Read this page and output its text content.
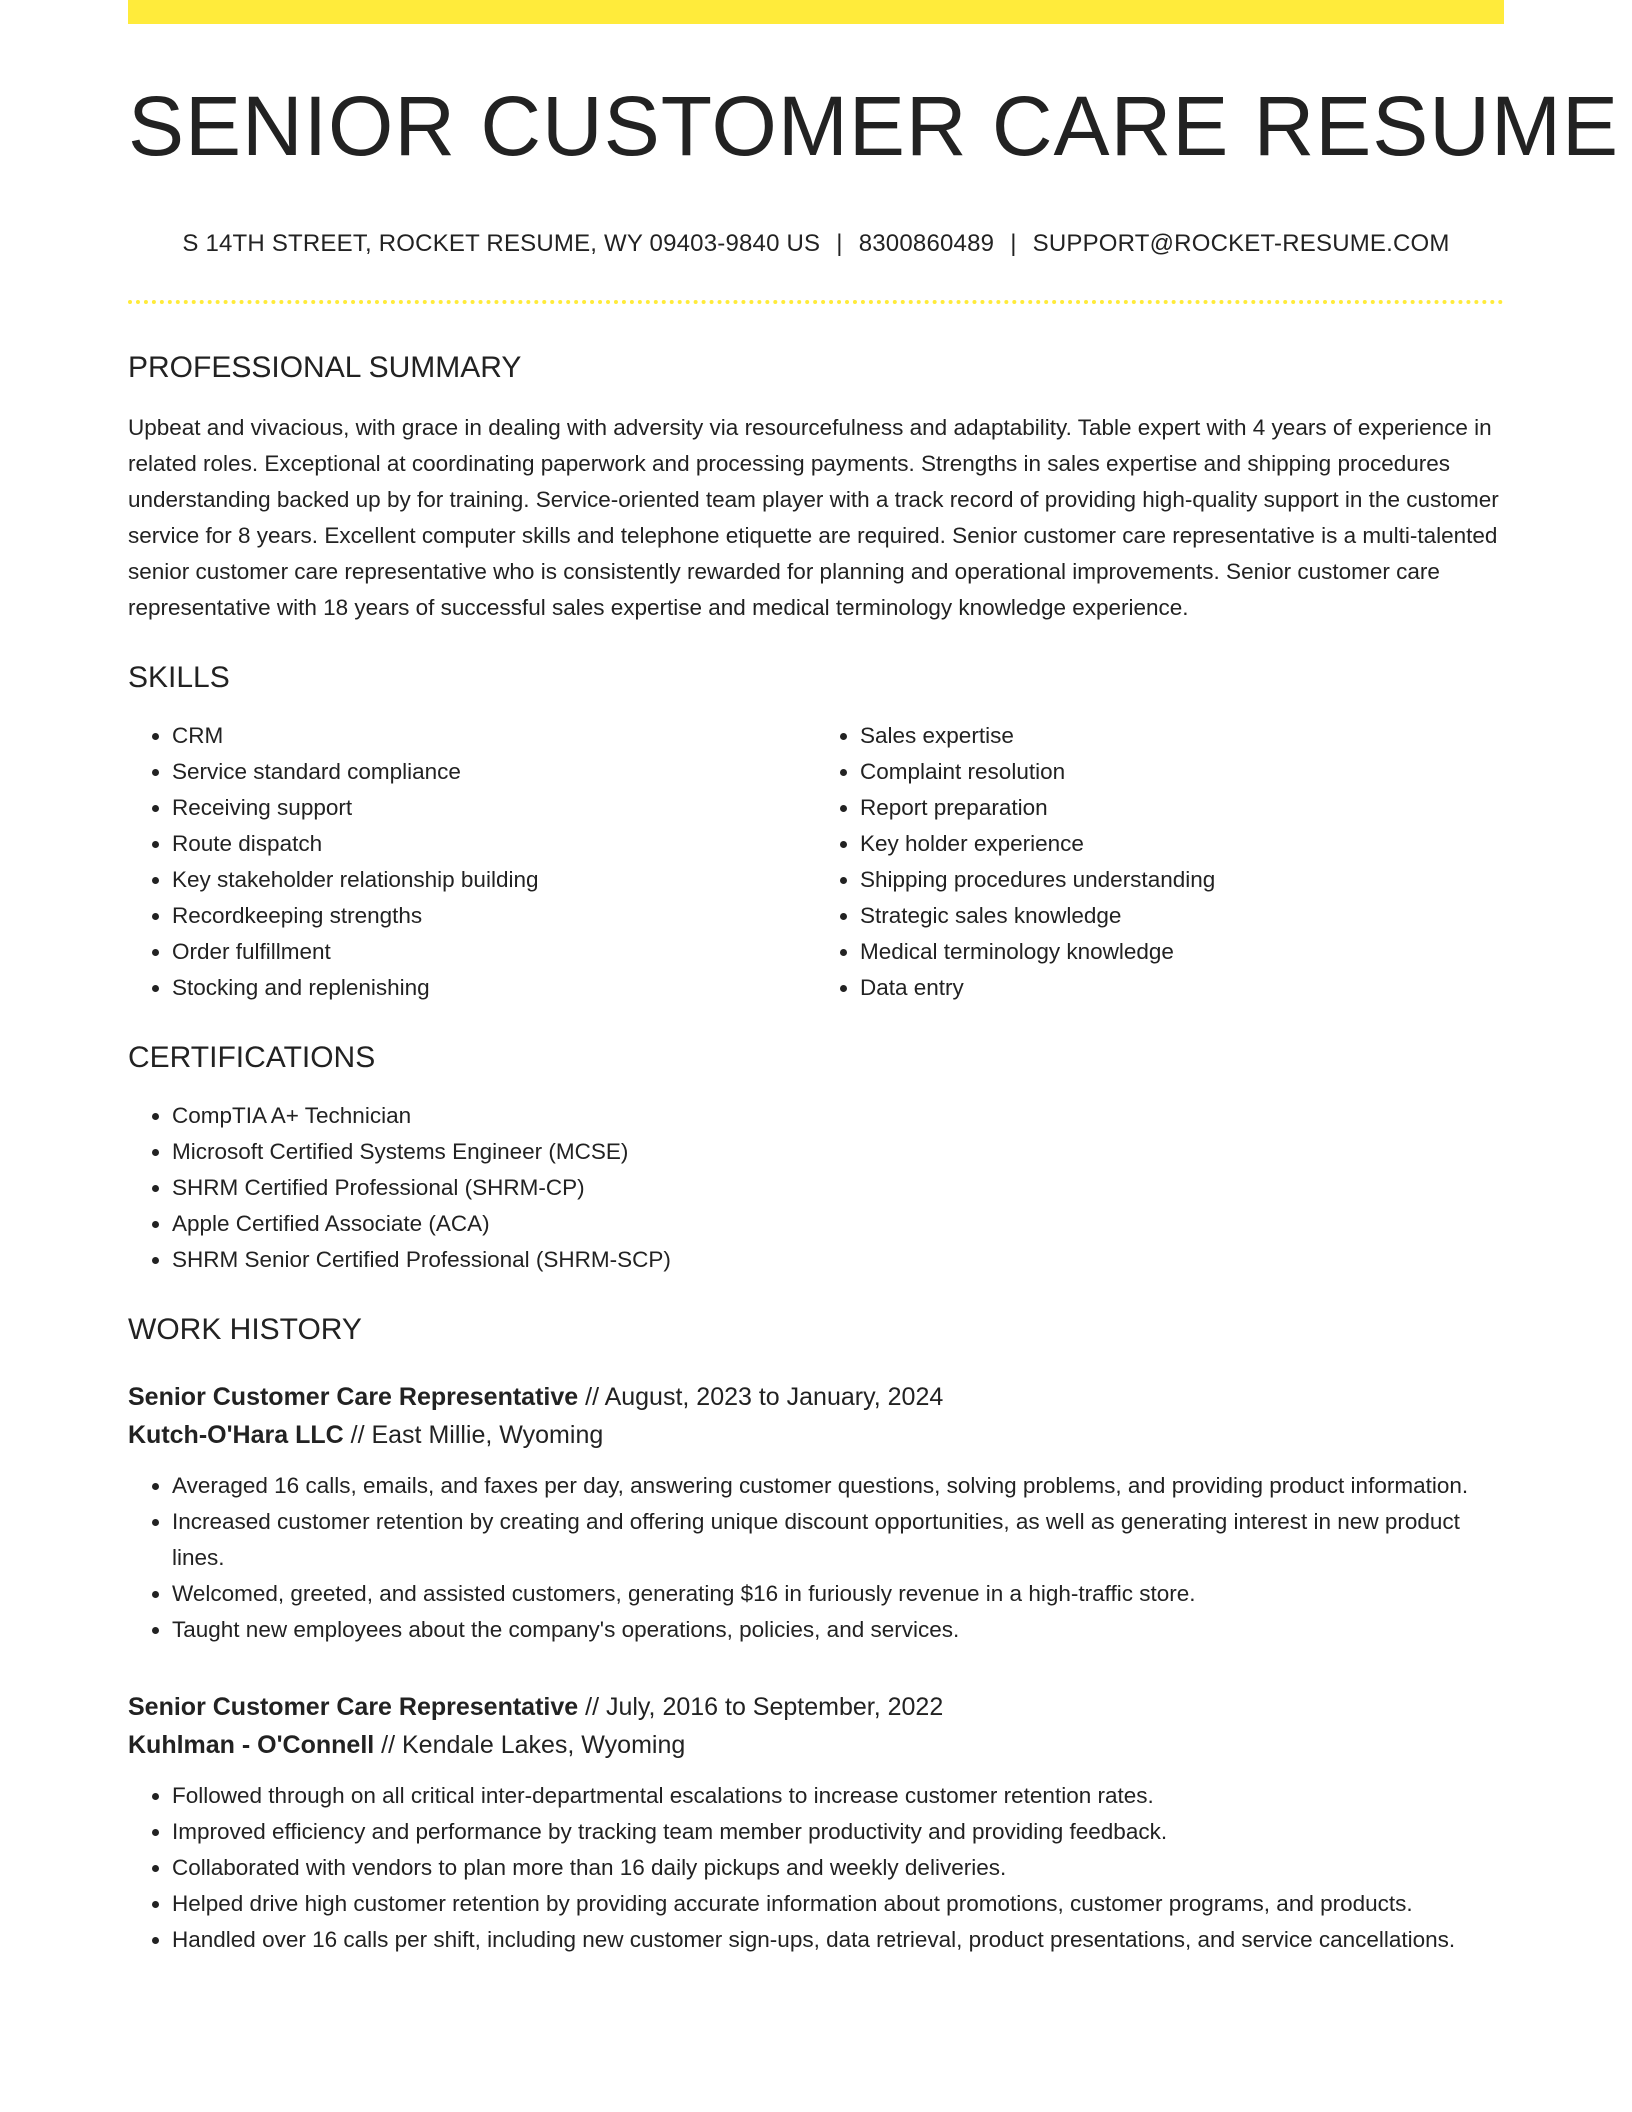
SENIOR CUSTOMER CARE RESUME
S 14TH STREET, ROCKET RESUME, WY 09403-9840 US | 8300860489 | SUPPORT@ROCKET-RESUME.COM
PROFESSIONAL SUMMARY

Upbeat and vivacious, with grace in dealing with adversity via resourcefulness and adaptability. Table expert with 4 years of experience in related roles. Exceptional at coordinating paperwork and processing payments. Strengths in sales expertise and shipping procedures understanding backed up by for training. Service-oriented team player with a track record of providing high-quality support in the customer service for 8 years. Excellent computer skills and telephone etiquette are required. Senior customer care representative is a multi-talented senior customer care representative who is consistently rewarded for planning and operational improvements. Senior customer care representative with 18 years of successful sales expertise and medical terminology knowledge experience.

SKILLS
• CRM
• Service standard compliance
• Receiving support
• Route dispatch
• Key stakeholder relationship building
• Recordkeeping strengths
• Order fulfillment
• Stocking and replenishing
• Sales expertise
• Complaint resolution
• Report preparation
• Key holder experience
• Shipping procedures understanding
• Strategic sales knowledge
• Medical terminology knowledge
• Data entry
CERTIFICATIONS
• CompTIA A+ Technician
• Microsoft Certified Systems Engineer (MCSE)
• SHRM Certified Professional (SHRM-CP)
• Apple Certified Associate (ACA)
• SHRM Senior Certified Professional (SHRM-SCP)
WORK HISTORY
Senior Customer Care Representative // August, 2023 to January, 2024
Kutch-O'Hara LLC // East Millie, Wyoming
• Averaged 16 calls, emails, and faxes per day, answering customer questions, solving problems, and providing product information.
• Increased customer retention by creating and offering unique discount opportunities, as well as generating interest in new product lines.
• Welcomed, greeted, and assisted customers, generating $16 in furiously revenue in a high-traffic store.
• Taught new employees about the company's operations, policies, and services.
Senior Customer Care Representative // July, 2016 to September, 2022
Kuhlman - O'Connell // Kendale Lakes, Wyoming
• Followed through on all critical inter-departmental escalations to increase customer retention rates.
• Improved efficiency and performance by tracking team member productivity and providing feedback.
• Collaborated with vendors to plan more than 16 daily pickups and weekly deliveries.
• Helped drive high customer retention by providing accurate information about promotions, customer programs, and products.
• Handled over 16 calls per shift, including new customer sign-ups, data retrieval, product presentations, and service cancellations.
